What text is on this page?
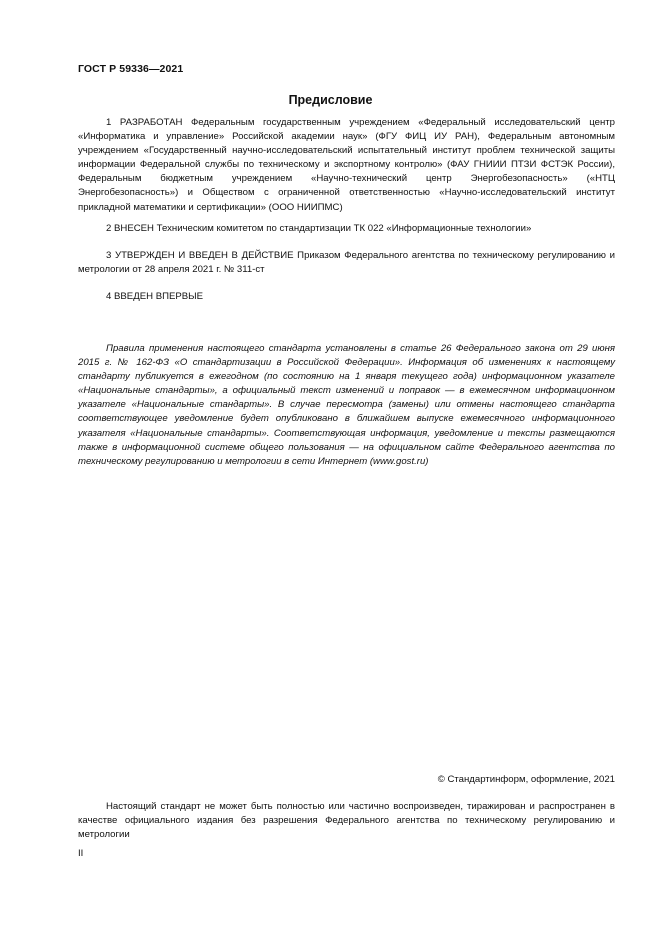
ГОСТ Р 59336—2021
Предисловие

1 РАЗРАБОТАН Федеральным государственным учреждением «Федеральный исследовательский центр «Информатика и управление» Российской академии наук» (ФГУ ФИЦ ИУ РАН), Федеральным автономным учреждением «Государственный научно-исследовательский испытательный институт проблем технической защиты информации Федеральной службы по техническому и экспортному контролю» (ФАУ ГНИИИ ПТЗИ ФСТЭК России), Федеральным бюджетным учреждением «Научно-технический центр Энергобезопасность» («НТЦ Энергобезопасность») и Обществом с ограниченной ответственностью «Научно-исследовательский институт прикладной математики и сертификации» (ООО НИИПМС)

2 ВНЕСЕН Техническим комитетом по стандартизации ТК 022 «Информационные технологии»

3 УТВЕРЖДЕН И ВВЕДЕН В ДЕЙСТВИЕ Приказом Федерального агентства по техническому регулированию и метрологии от 28 апреля 2021 г. № 311-ст

4 ВВЕДЕН ВПЕРВЫЕ

Правила применения настоящего стандарта установлены в статье 26 Федерального закона от 29 июня 2015 г. № 162-ФЗ «О стандартизации в Российской Федерации». Информация об изменениях к настоящему стандарту публикуется в ежегодном (по состоянию на 1 января текущего года) информационном указателе «Национальные стандарты», а официальный текст изменений и поправок — в ежемесячном информационном указателе «Национальные стандарты». В случае пересмотра (замены) или отмены настоящего стандарта соответствующее уведомление будет опубликовано в ближайшем выпуске ежемесячного информационного указателя «Национальные стандарты». Соответствующая информация, уведомление и тексты размещаются также в информационной системе общего пользования — на официальном сайте Федерального агентства по техническому регулированию и метрологии в сети Интернет (www.gost.ru)

© Стандартинформ, оформление, 2021

Настоящий стандарт не может быть полностью или частично воспроизведен, тиражирован и распространен в качестве официального издания без разрешения Федерального агентства по техническому регулированию и метрологии

II
